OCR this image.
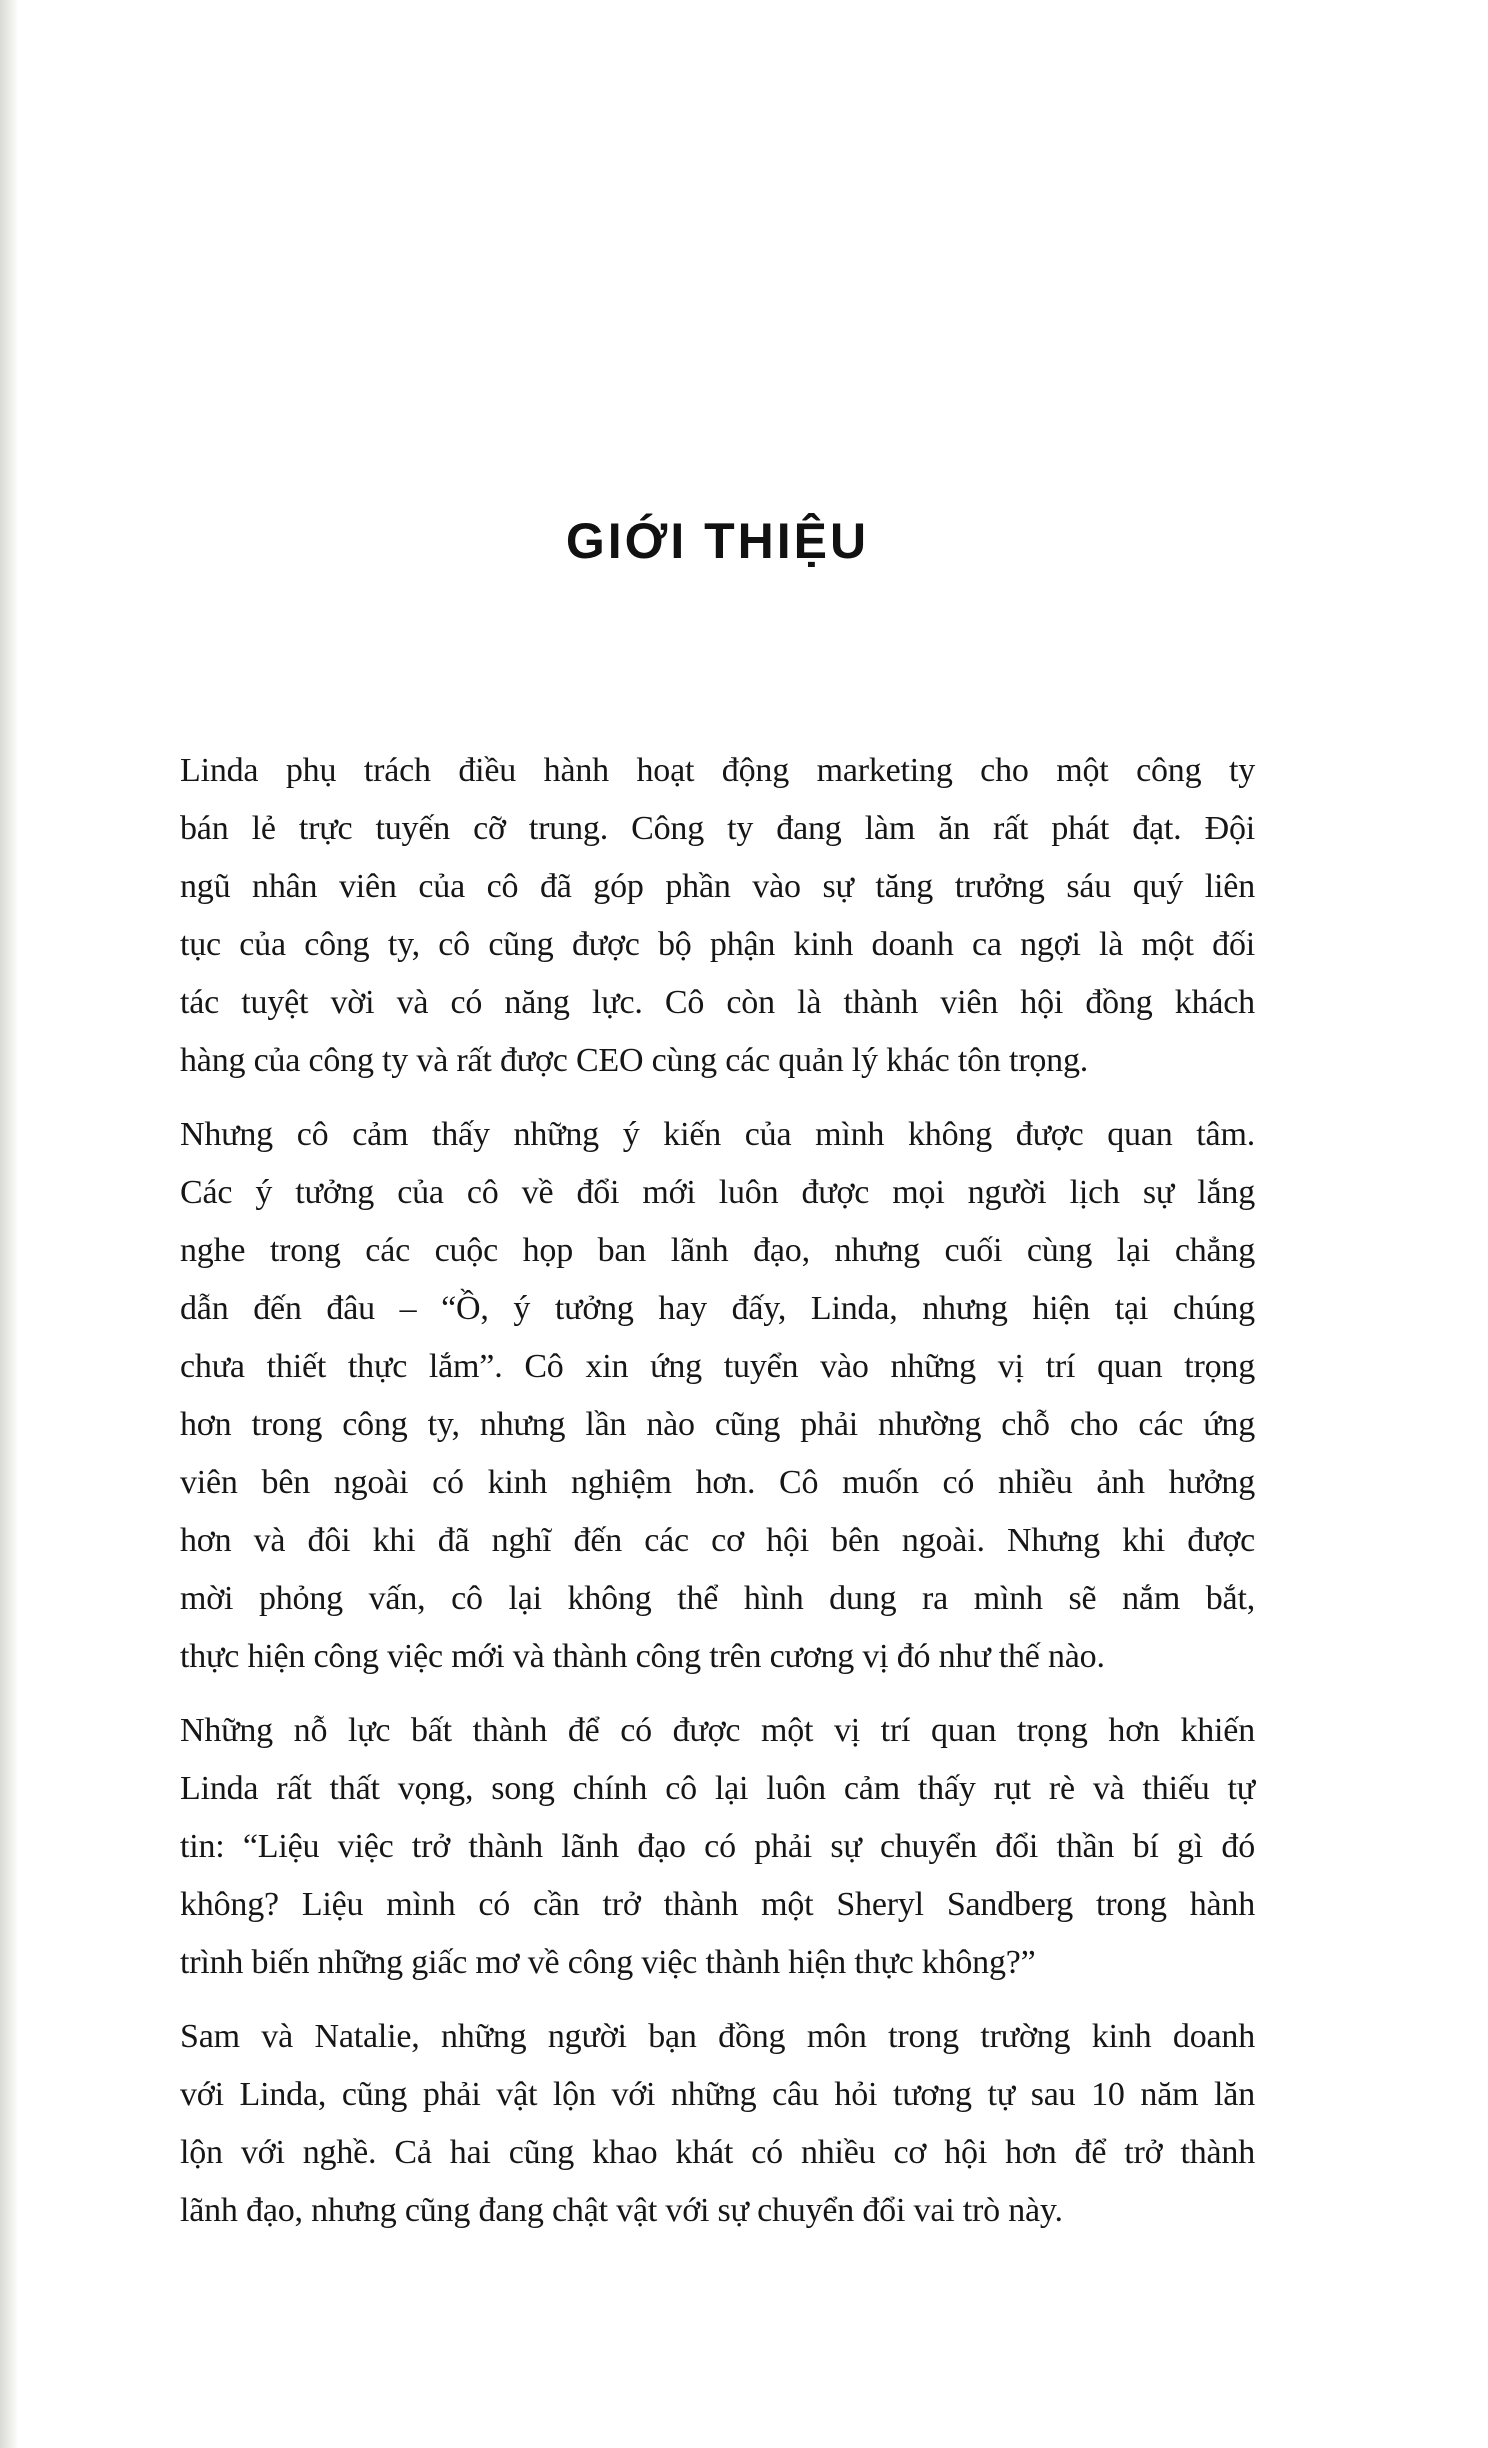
GIỚI THIỆU
Linda phụ trách điều hành hoạt động marketing cho một công ty
bán lẻ trực tuyến cỡ trung. Công ty đang làm ăn rất phát đạt. Đội
ngũ nhân viên của cô đã góp phần vào sự tăng trưởng sáu quý liên
tục của công ty, cô cũng được bộ phận kinh doanh ca ngợi là một đối
tác tuyệt vời và có năng lực. Cô còn là thành viên hội đồng khách
hàng của công ty và rất được CEO cùng các quản lý khác tôn trọng.
Nhưng cô cảm thấy những ý kiến của mình không được quan tâm.
Các ý tưởng của cô về đổi mới luôn được mọi người lịch sự lắng
nghe trong các cuộc họp ban lãnh đạo, nhưng cuối cùng lại chẳng
dẫn đến đâu – “Ồ, ý tưởng hay đấy, Linda, nhưng hiện tại chúng
chưa thiết thực lắm”. Cô xin ứng tuyển vào những vị trí quan trọng
hơn trong công ty, nhưng lần nào cũng phải nhường chỗ cho các ứng
viên bên ngoài có kinh nghiệm hơn. Cô muốn có nhiều ảnh hưởng
hơn và đôi khi đã nghĩ đến các cơ hội bên ngoài. Nhưng khi được
mời phỏng vấn, cô lại không thể hình dung ra mình sẽ nắm bắt,
thực hiện công việc mới và thành công trên cương vị đó như thế nào.
Những nỗ lực bất thành để có được một vị trí quan trọng hơn khiến
Linda rất thất vọng, song chính cô lại luôn cảm thấy rụt rè và thiếu tự
tin: “Liệu việc trở thành lãnh đạo có phải sự chuyển đổi thần bí gì đó
không? Liệu mình có cần trở thành một Sheryl Sandberg trong hành
trình biến những giấc mơ về công việc thành hiện thực không?”
Sam và Natalie, những người bạn đồng môn trong trường kinh doanh
với Linda, cũng phải vật lộn với những câu hỏi tương tự sau 10 năm lăn
lộn với nghề. Cả hai cũng khao khát có nhiều cơ hội hơn để trở thành
lãnh đạo, nhưng cũng đang chật vật với sự chuyển đổi vai trò này.
